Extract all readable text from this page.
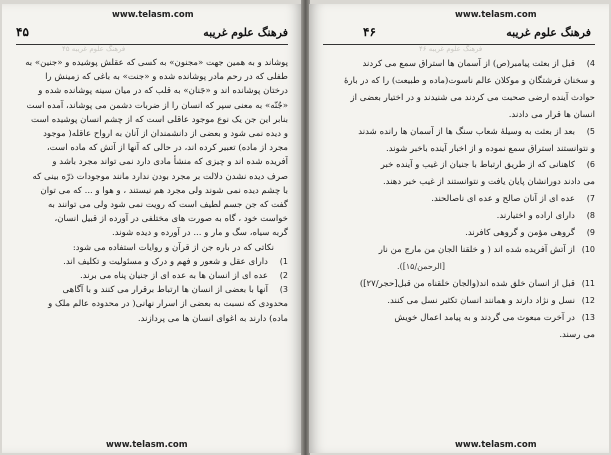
www.telasm.com
۴۵	فرهنگ علوم غریبه
فرهنگ علوم غریبه ۴۵
پوشاند و به همین جهت «مجنون» به کسی که عقلش پوشیده و «جنین» به
طفلی که در رحم مادر پوشانده شده و «جنت» به باغی که زمینش را
درختان پوشانده اند و «جَنان» به قلب که در میان سینه پوشانده شده و
«جُنّه» به معنی سپر که انسان را از ضربات دشمن می پوشاند، آمده است
بنابر این جن یک نوع موجود عاقلی است که از چشم انسان پوشیده است
و دیده نمی شود و بعضی از دانشمندان از آنان به ارواح عاقله( موجود
مجرد از ماده) تعبیر کرده اند، در حالی که آنها از آتش که ماده است،
آفریده شده اند و چیزی که منشأ مادی دارد نمی تواند مجرد باشد و
صرف دیده نشدن دلالت بر مجرد بودن ندارد مانند موجودات ذرّه بینی که
با چشم دیده نمی شوند ولی مجرد هم نیستند ، و هوا و ... که می توان
گفت که جن جسم لطیف است که رویت نمی شود ولی می توانند به
خواست خود ، گاه به صورت های مختلفی در آورده از قبیل انسان،
گربه سیاه، سگ و مار و ... در آورده و دیده شوند.
نکاتی که در باره جن از قرآن و روایات استفاده می شود:
1)دارای عقل و شعور و فهم و درک و مسئولیت و تکلیف اند.
2)عده ای از انسان ها به عده ای از جنیان پناه می برند.
3)آنها با بعضی از انسان ها ارتباط برقرار می کنند و با آگاهی
محدودی که نسبت به بعضی از اسرار نهانی( در محدوده عالم ملک و
ماده) دارند به اغوای انسان ها می پردازند.
www.telasm.com
www.telasm.com
۴۶	فرهنگ علوم غریبه
فرهنگ علوم غریبه ۴۶
4)قبل از بعثت پیامبر(ص) از آسمان ها استراق سمع می کردند
و سخنان فرشتگان و موکلان عالم ناسوت(ماده و طبیعت) را که در بارهٔ
حوادث آینده ارضی صحبت می کردند می شنیدند و در اختیار بعضی از
انسان ها قرار می دادند.
5)بعد از بعثت به وسیلهٔ شعاب سنگ ها از آسمان ها رانده شدند
و نتوانستند استراق سمع نموده و از اخبار آینده باخبر شوند.
6)کاهنانی که از طریق ارتباط با جنیان از غیب و آینده خبر
می دادند دورانشان پایان یافت و نتوانستند از غیب خبر دهند.
7)عده ای از آنان صالح و عده ای ناصالحند.
8)دارای اراده و اختیارند.
9)گروهی مؤمن و گروهی کافرند.
10)از آتش آفریده شده اند ( و خلقنا الجان من مارج من نار
[الرحمن/۱۵]).
11)قبل از انسان خلق شده اند(والجان خلقناه من قبل[حجر/۲۷])
12)نسل و نژاد دارند و همانند انسان تکثیر نسل می کنند.
13)در آخرت مبعوث می گردند و به پیامد اعمال خویش
می رسند.
www.telasm.com
